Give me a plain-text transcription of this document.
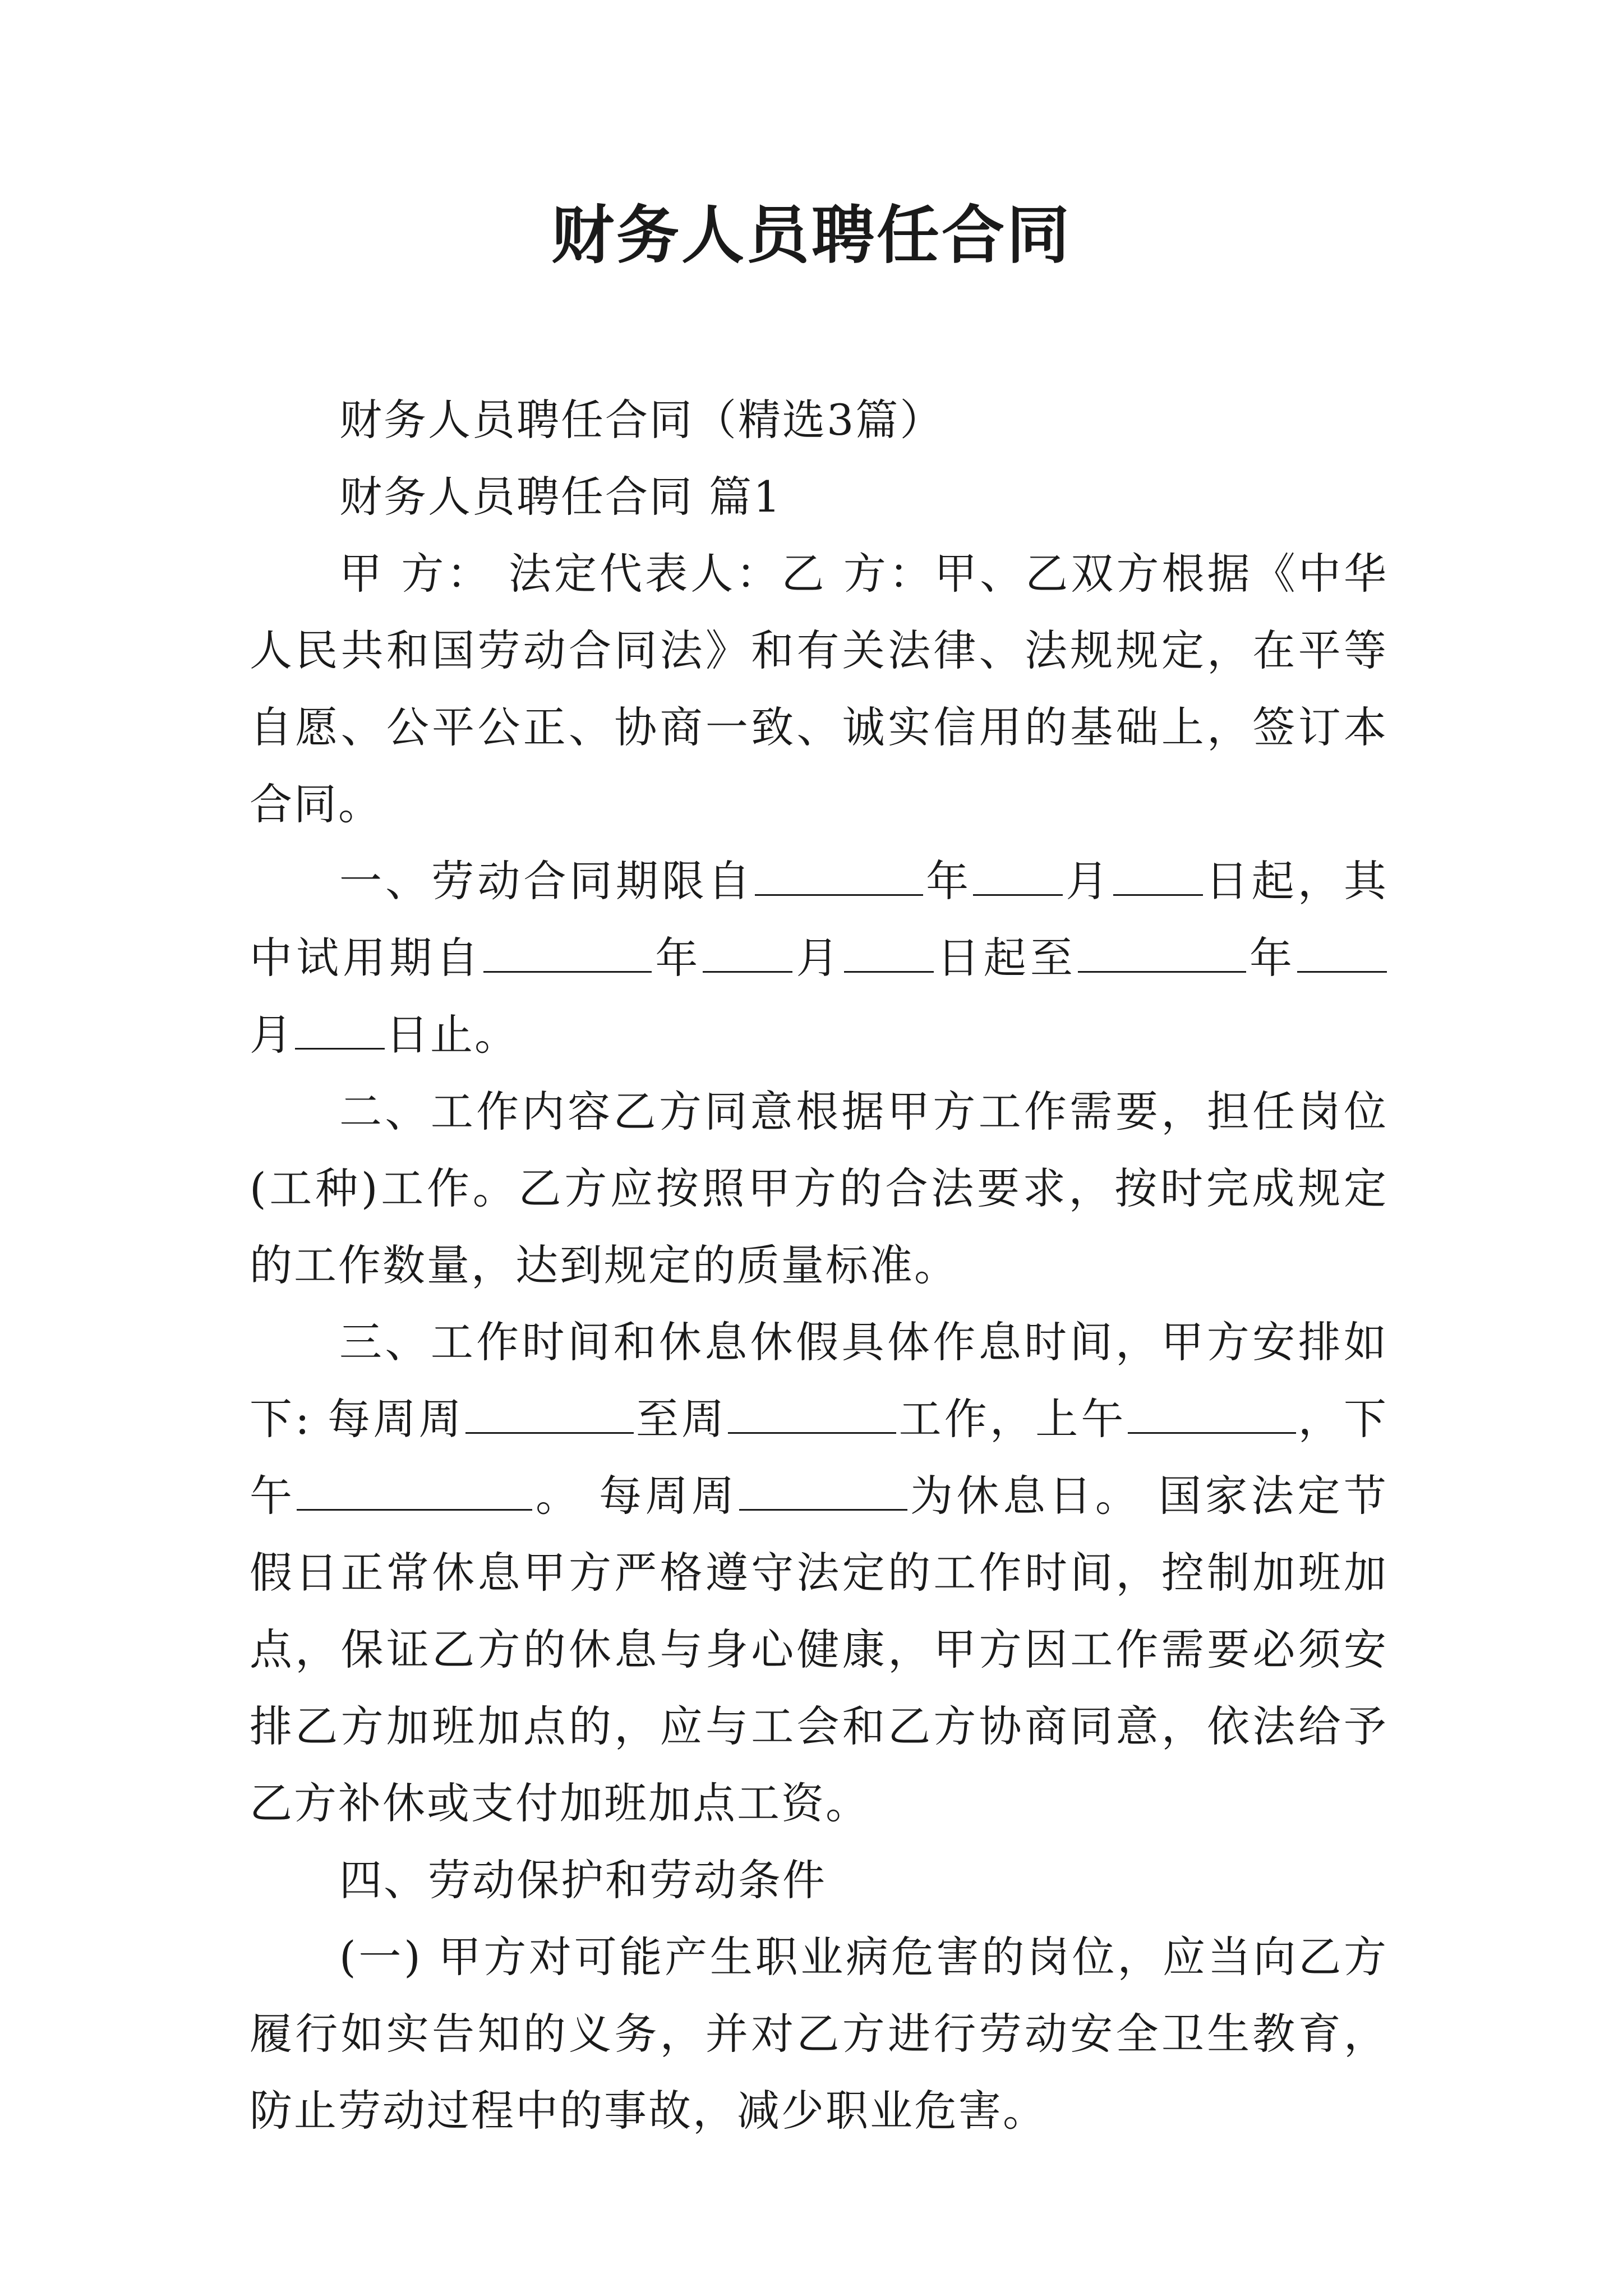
财务人员聘任合同

财务人员聘任合同（精选3篇）

财务人员聘任合同 篇1

甲 方： 法定代表人：乙 方：甲、乙双方根据《中华人民共和国劳动合同法》和有关法律、法规规定，在平等自愿、公平公正、协商一致、诚实信用的基础上，签订本合同。

一、劳动合同期限自	年 月 日起，其中试用期自	年 月 日起至	年月 日止。

二、工作内容乙方同意根据甲方工作需要，担任岗位(工种)工作。乙方应按照甲方的合法要求，按时完成规定的工作数量，达到规定的质量标准。

三、工作时间和休息休假具体作息时间，甲方安排如下: 每周周	至周	工作，上午	，下午	。 每周周	为休息日。 国家法定节假日正常休息甲方严格遵守法定的工作时间，控制加班加点，保证乙方的休息与身心健康，甲方因工作需要必须安排乙方加班加点的，应与工会和乙方协商同意，依法给予乙方补休或支付加班加点工资。

四、劳动保护和劳动条件

(一) 甲方对可能产生职业病危害的岗位，应当向乙方履行如实告知的义务，并对乙方进行劳动安全卫生教育，防止劳动过程中的事故，减少职业危害。
